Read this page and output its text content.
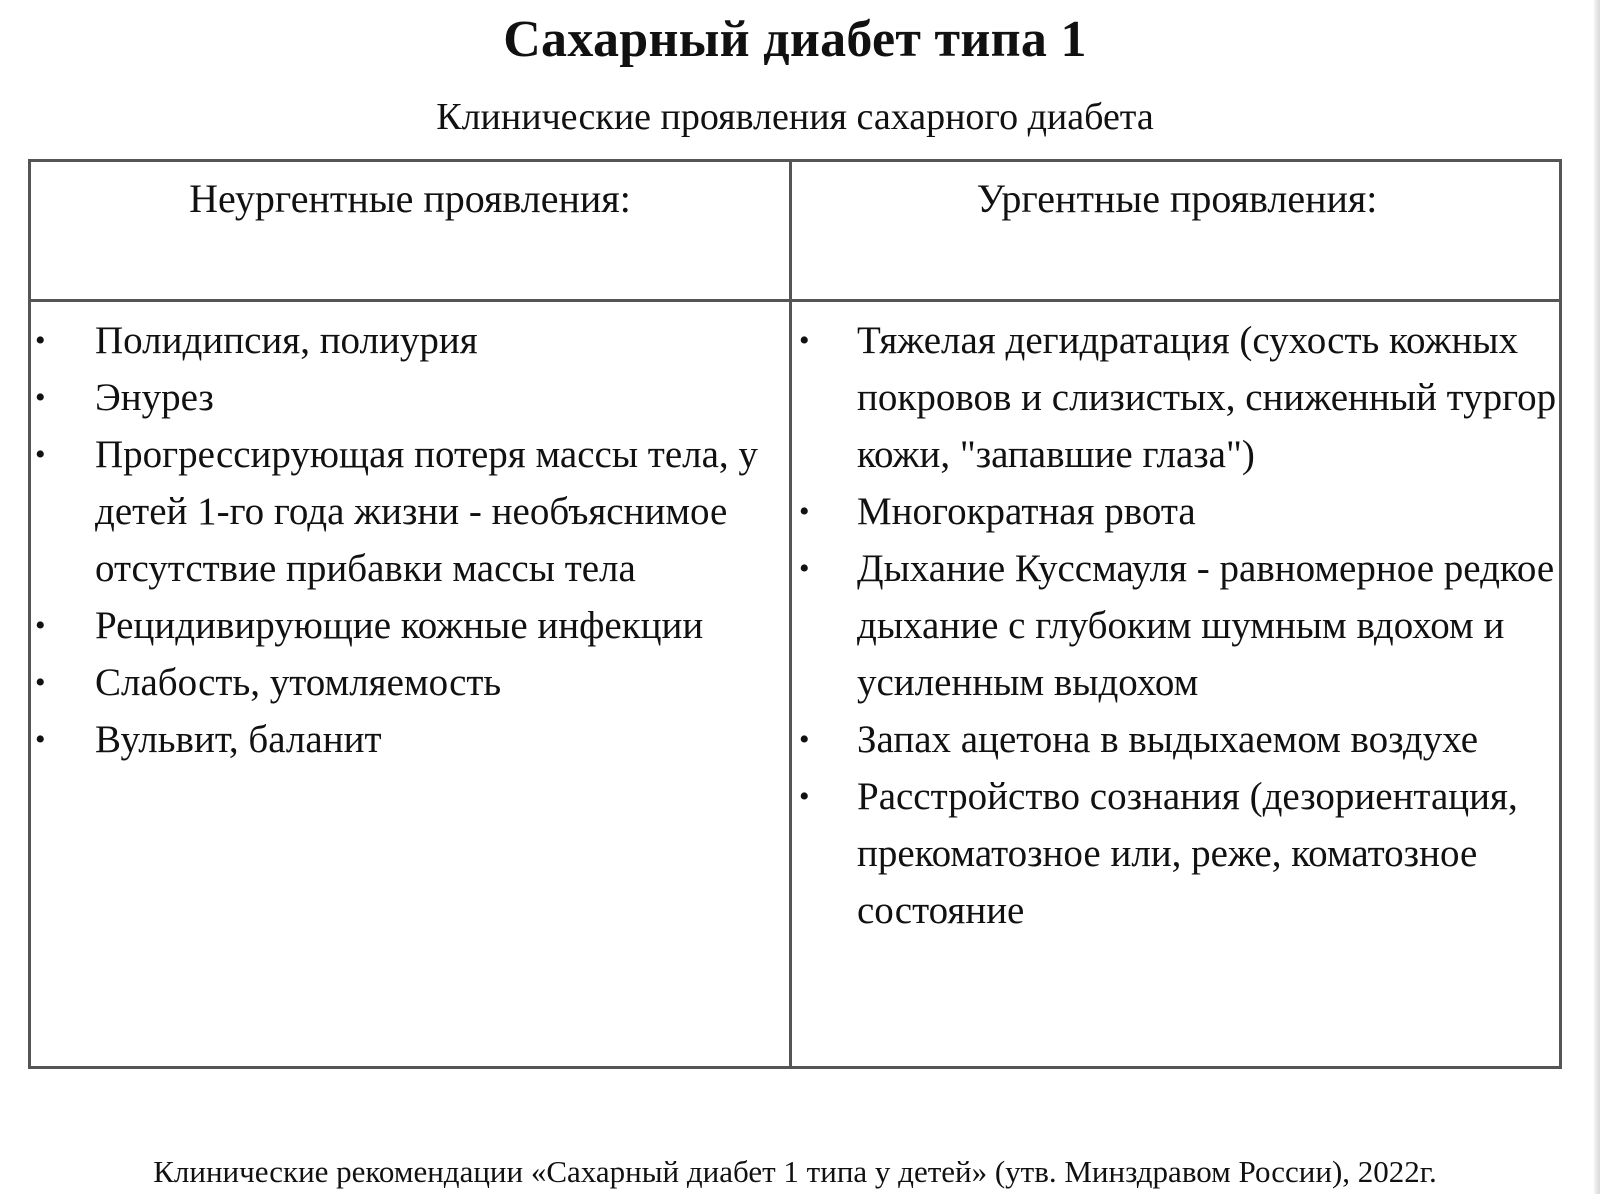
Сахарный диабет типа 1
Клинические проявления сахарного диабета
Неургентные проявления:	Ургентные проявления:
• Полидипсия, полиурия
• Энурез
• Прогрессирующая потеря массы тела, у детей 1-го года жизни - необъяснимое отсутствие прибавки массы тела
• Рецидивирующие кожные инфекции
• Слабость, утомляемость
• Вульвит, баланит
• Тяжелая дегидратация (сухость кожных покровов и слизистых, сниженный тургор кожи, "запавшие глаза")
• Многократная рвота
• Дыхание Куссмауля - равномерное редкое дыхание с глубоким шумным вдохом и усиленным выдохом
• Запах ацетона в выдыхаемом воздухе
• Расстройство сознания (дезориентация, прекоматозное или, реже, коматозное состояние
Клинические рекомендации «Сахарный диабет 1 типа у детей» (утв. Минздравом России), 2022г.
